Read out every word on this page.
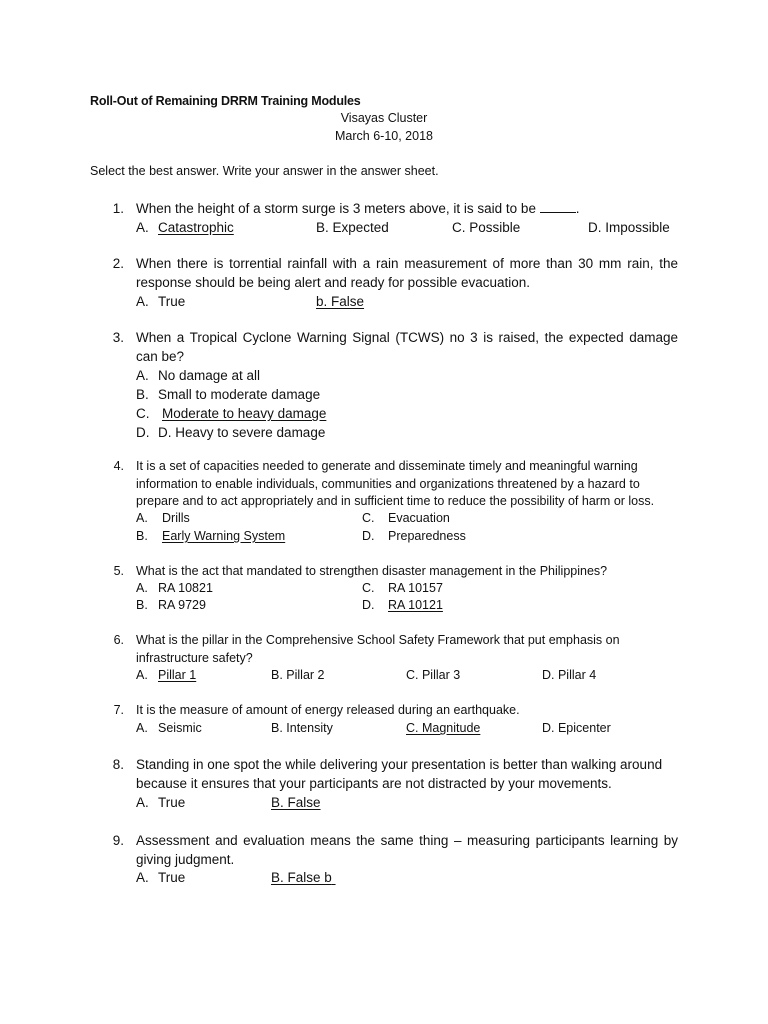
Roll-Out of Remaining DRRM Training Modules
Visayas Cluster
March 6-10, 2018
Select the best answer. Write your answer in the answer sheet.
1. When the height of a storm surge is 3 meters above, it is said to be	.
A. Catastrophic	B. Expected	C. Possible	D. Impossible
2. When there is torrential rainfall with a rain measurement of more than 30 mm rain, the response should be being alert and ready for possible evacuation.
A. True	b. False
3. When a Tropical Cyclone Warning Signal (TCWS) no 3 is raised, the expected damage can be?
A. No damage at all
B. Small to moderate damage
C. Moderate to heavy damage
D. D. Heavy to severe damage
4. It is a set of capacities needed to generate and disseminate timely and meaningful warning information to enable individuals, communities and organizations threatened by a hazard to prepare and to act appropriately and in sufficient time to reduce the possibility of harm or loss.
A. Drills	C. Evacuation
B. Early Warning System	D. Preparedness
5. What is the act that mandated to strengthen disaster management in the Philippines?
A. RA 10821	C. RA 10157
B. RA 9729	D. RA 10121
6. What is the pillar in the Comprehensive School Safety Framework that put emphasis on infrastructure safety?
A. Pillar 1	B. Pillar 2	C. Pillar 3	D. Pillar 4
7. It is the measure of amount of energy released during an earthquake.
A. Seismic	B. Intensity	C. Magnitude	D. Epicenter
8. Standing in one spot the while delivering your presentation is better than walking around because it ensures that your participants are not distracted by your movements.
A. True	B. False
9. Assessment and evaluation means the same thing – measuring participants learning by giving judgment.
A. True	B. False b
